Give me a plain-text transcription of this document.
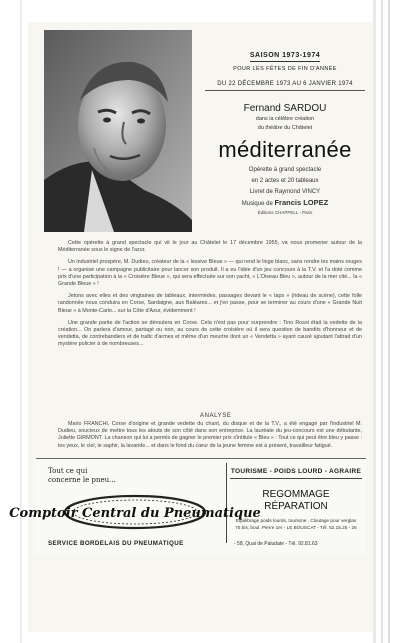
SAISON 1973-1974
POUR LES FÊTES DE FIN D'ANNÉE
DU 22 DÉCEMBRE 1973 AU 6 JANVIER 1974
Fernand SARDOU
dans la célèbre création
du théâtre du Châtelet
méditerranée
Opérette à grand spectacle
en 2 actes et 20 tableaux
Livret de Raymond VINCY
Musique de Francis LOPEZ
Éditions CHAPPELL - Paris

Cette opérette à grand spectacle qui vit le jour au Châtelet le 17 décembre 1955, va nous promener autour de la Méditerranée sous le signe de l'azur.

Un industriel prospère, M. Dudieu, créateur de la « lessive Bleue » — qui rend le linge blanc, sans rendre les mains rouges ! — a organisé une campagne publicitaire pour lancer son produit. Il a eu l'idée d'un jeu concours à la T.V. et l'a doté comme prix d'une participation à la « Croisière Bleue », qui sera effectuée sur son yacht, « L'Oiseau Bleu », autour de la mer cité... la « Grande Bleue » !

Jetons avec elles et des vingtaines de tableaux, intermèdes, passages devant le « taps » (rideau de scène), cette folle randonnée nous conduira en Corse, Sardaigne, aux Baléares... et j'en passe, pour se terminer au cours d'une « Grande Nuit Bleue » à Monte-Carlo... sur la Côte d'Azur, évidemment !

Une grande partie de l'action se déroulera en Corse. Cela n'est pas pour surprendre : Tino Rossi était la vedette de la création... On parlera d'amour, partagé ou non, au cours de cette croisière où il sera question de bandits d'honneur et de vendetta, de contrebandiers et de trafic d'armes et même d'un meurtre dont un « Vendetta » ayant causé ajoutant l'attrait d'un mystère policier à de nombreuses...

ANALYSE
Mario FRANCHI, Corse d'origine et grande vedette du chant, du disque et de la T.V., a été engagé par l'industriel M. Dudieu, soucieux de mettre tous les atouts de son côté dans son entreprise. La lauréate du jeu-concours est une débutante, Juliette GIRMONT. La chanson qui lui a permis de gagner le premier prix s'intitule « Bleu » : Tout ce qui peut être bleu y passe : les yeux, le ciel, le saphir, la lavande... et dans le fond du cœur de la jeune femme est à présent, travailleur fatigué.
Tout ce qui
concerne le pneu...
TOURISME - POIDS LOURD - AGRAIRE
Comptoir Central du Pneumatique
REGOMMAGE
RÉPARATION
Equilibrage poids lourds, tourisme . Cloutage pour verglas
75 bis, boul. Pierre 1er - LE BOUSCAT - Tél. 52.15.25 - 26
SERVICE BORDELAIS DU PNEUMATIQUE	- 58, Quai de Paludate - Tél. 92.81.63
